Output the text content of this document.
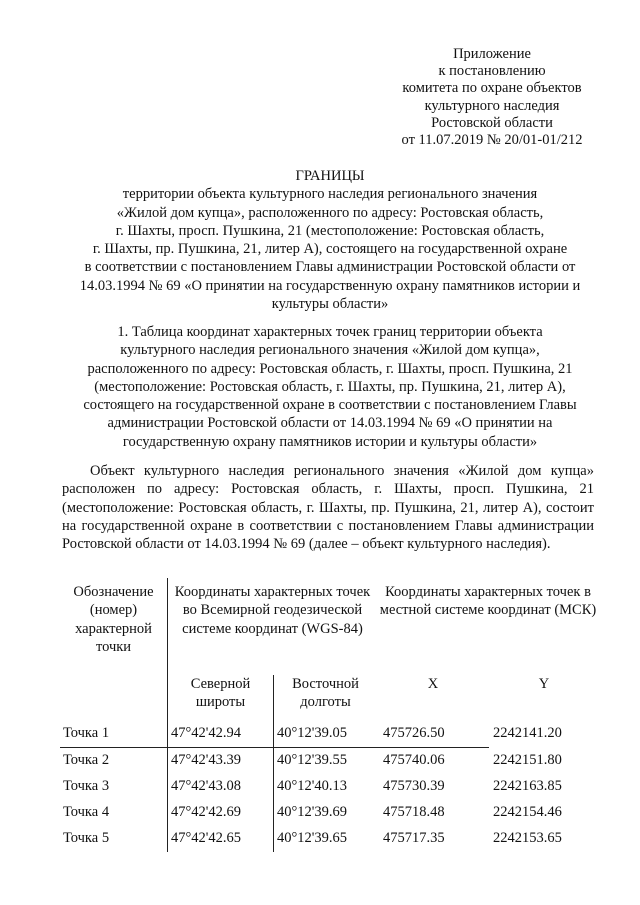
Приложение
к постановлению
комитета по охране объектов
культурного наследия
Ростовской области
от 11.07.2019 № 20/01-01/212
ГРАНИЦЫ
территории объекта культурного наследия регионального значения
«Жилой дом купца», расположенного по адресу: Ростовская область,
г. Шахты, просп. Пушкина, 21 (местоположение: Ростовская область,
г. Шахты, пр. Пушкина, 21, литер А), состоящего на государственной охране
в соответствии с постановлением Главы администрации Ростовской области от
14.03.1994 № 69 «О принятии на государственную охрану памятников истории и
культуры области»
1. Таблица координат характерных точек границ территории объекта
культурного наследия регионального значения «Жилой дом купца»,
расположенного по адресу: Ростовская область, г. Шахты, просп. Пушкина, 21
(местоположение: Ростовская область, г. Шахты, пр. Пушкина, 21, литер А),
состоящего на государственной охране в соответствии с постановлением Главы
администрации Ростовской области от 14.03.1994 № 69 «О принятии на
государственную охрану памятников истории и культуры области»
Объект культурного наследия регионального значения «Жилой дом купца» расположен по адресу: Ростовская область, г. Шахты, просп. Пушкина, 21 (местоположение: Ростовская область, г. Шахты, пр. Пушкина, 21, литер А), состоит на государственной охране в соответствии с постановлением Главы администрации Ростовской области от 14.03.1994 № 69 (далее – объект культурного наследия).
Обозначение (номер) характерной точки	Координаты характерных точек во Всемирной геодезической системе координат (WGS-84)		Координаты характерных точек в местной системе координат (МСК)	
	Северной широты	Восточной долготы	X	Y
Точка 1	47°42'42.94	40°12'39.05	475726.50	2242141.20
Точка 2	47°42'43.39	40°12'39.55	475740.06	2242151.80
Точка 3	47°42'43.08	40°12'40.13	475730.39	2242163.85
Точка 4	47°42'42.69	40°12'39.69	475718.48	2242154.46
Точка 5	47°42'42.65	40°12'39.65	475717.35	2242153.65
